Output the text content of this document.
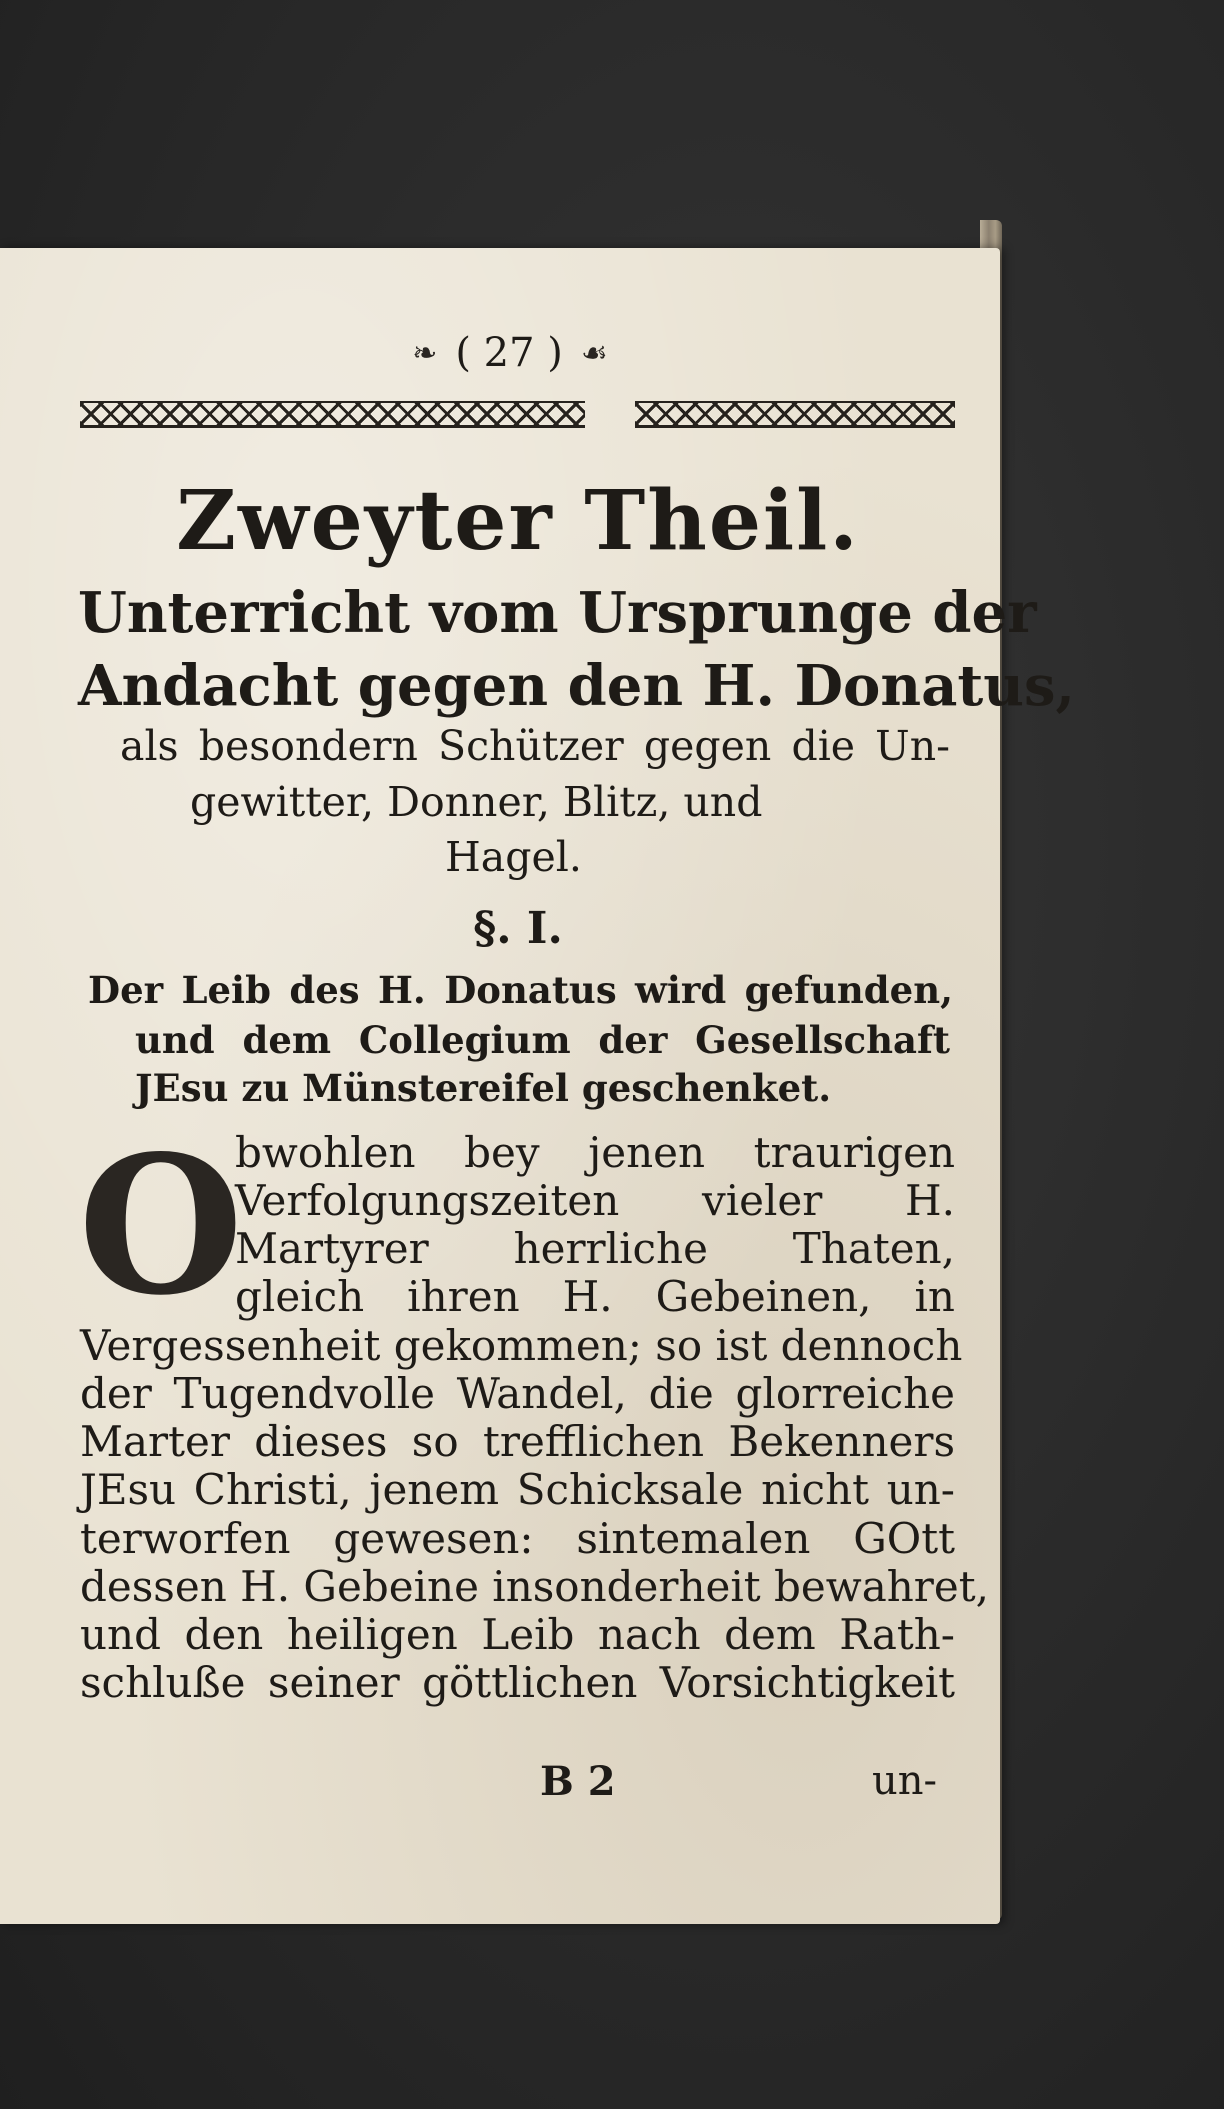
❧ ( 27 ) ☙
Zweyter Theil.
Unterricht vom Ursprunge der
Andacht gegen den H. Donatus,
als besondern Schützer gegen die Un-
gewitter, Donner, Blitz, und
Hagel.
§. I.
Der Leib des H. Donatus wird gefunden,
und dem Collegium der Gesellschaft
JEsu zu Münstereifel geschenket.
O
bwohlen bey jenen traurigen
Verfolgungszeiten vieler H.
Martyrer herrliche Thaten,
gleich ihren H. Gebeinen, in
Vergessenheit gekommen; so ist dennoch
der Tugendvolle Wandel, die glorreiche
Marter dieses so trefflichen Bekenners
JEsu Christi, jenem Schicksale nicht un-
terworfen gewesen: sintemalen GOtt
dessen H. Gebeine insonderheit bewahret,
und den heiligen Leib nach dem Rath-
schluße seiner göttlichen Vorsichtigkeit
B 2	un-
